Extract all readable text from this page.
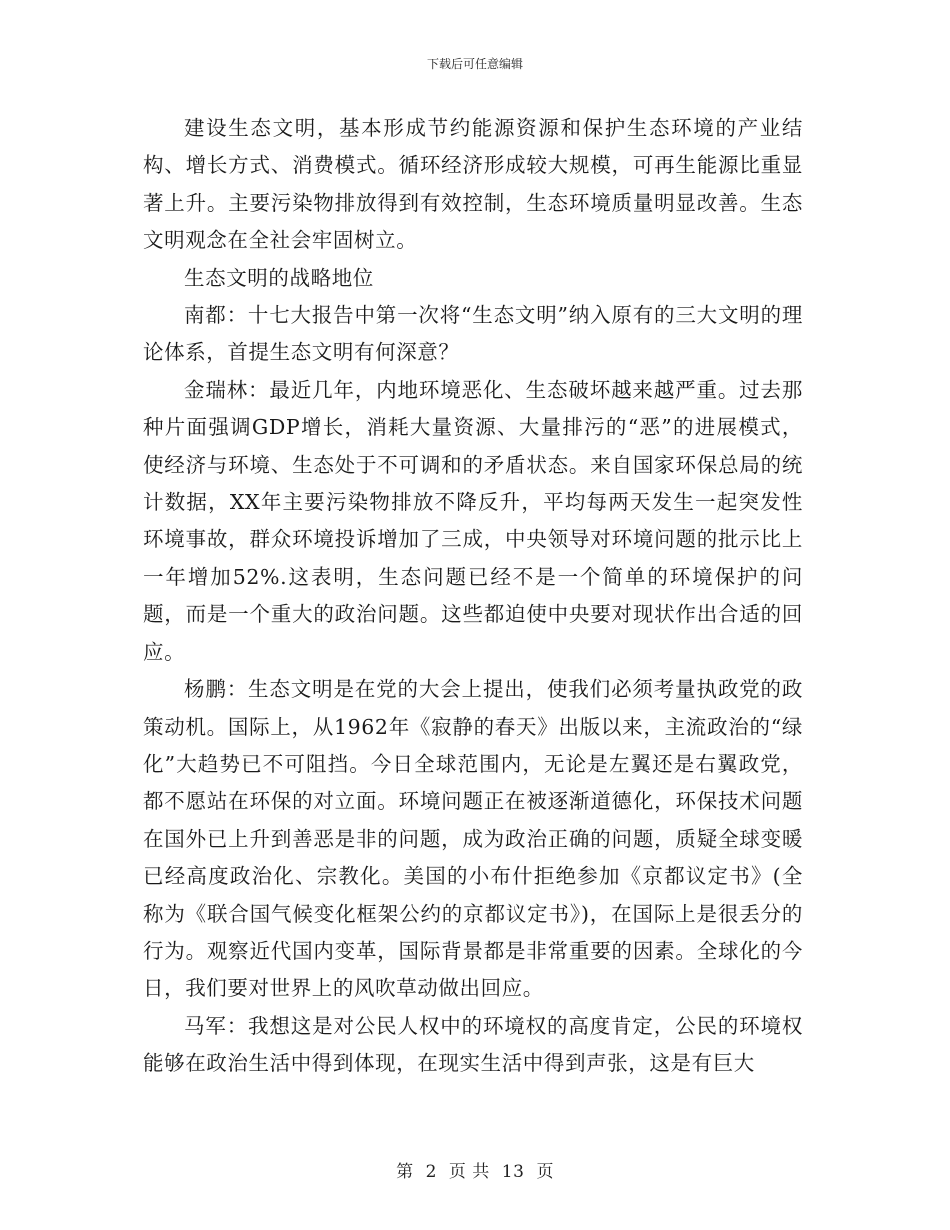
下载后可任意编辑

建设生态文明，基本形成节约能源资源和保护生态环境的产业结构、增长方式、消费模式。循环经济形成较大规模，可再生能源比重显著上升。主要污染物排放得到有效控制，生态环境质量明显改善。生态文明观念在全社会牢固树立。

生态文明的战略地位

南都：十七大报告中第一次将“生态文明”纳入原有的三大文明的理论体系，首提生态文明有何深意？

金瑞林：最近几年，内地环境恶化、生态破坏越来越严重。过去那种片面强调GDP增长，消耗大量资源、大量排污的“恶”的进展模式，使经济与环境、生态处于不可调和的矛盾状态。来自国家环保总局的统计数据，XX年主要污染物排放不降反升，平均每两天发生一起突发性环境事故，群众环境投诉增加了三成，中央领导对环境问题的批示比上一年增加52%.这表明，生态问题已经不是一个简单的环境保护的问题，而是一个重大的政治问题。这些都迫使中央要对现状作出合适的回应。

杨鹏：生态文明是在党的大会上提出，使我们必须考量执政党的政策动机。国际上，从1962年《寂静的春天》出版以来，主流政治的“绿化”大趋势已不可阻挡。今日全球范围内，无论是左翼还是右翼政党，都不愿站在环保的对立面。环境问题正在被逐渐道德化，环保技术问题在国外已上升到善恶是非的问题，成为政治正确的问题，质疑全球变暖已经高度政治化、宗教化。美国的小布什拒绝参加《京都议定书》(全称为《联合国气候变化框架公约的京都议定书》)，在国际上是很丢分的行为。观察近代国内变革，国际背景都是非常重要的因素。全球化的今日，我们要对世界上的风吹草动做出回应。

马军：我想这是对公民人权中的环境权的高度肯定，公民的环境权能够在政治生活中得到体现，在现实生活中得到声张，这是有巨大

第 2 页 共 13 页
